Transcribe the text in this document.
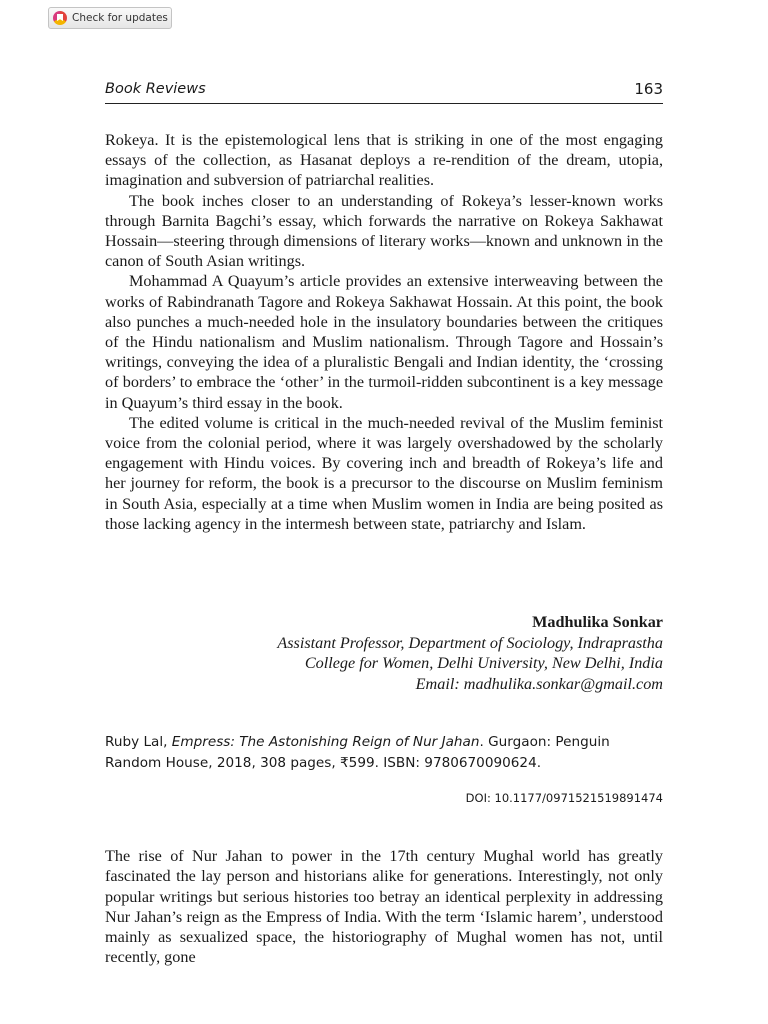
Check for updates
Book Reviews	163

Rokeya. It is the epistemological lens that is striking in one of the most engaging essays of the collection, as Hasanat deploys a re-rendition of the dream, utopia, imagination and subversion of patriarchal realities.

The book inches closer to an understanding of Rokeya’s lesser-known works through Barnita Bagchi’s essay, which forwards the narrative on Rokeya Sakhawat Hossain—steering through dimensions of literary works—known and unknown in the canon of South Asian writings.

Mohammad A Quayum’s article provides an extensive interweaving between the works of Rabindranath Tagore and Rokeya Sakhawat Hossain. At this point, the book also punches a much-needed hole in the insulatory boundaries between the critiques of the Hindu nationalism and Muslim nationalism. Through Tagore and Hossain’s writings, conveying the idea of a pluralistic Bengali and Indian identity, the ‘crossing of borders’ to embrace the ‘other’ in the turmoil-ridden subcontinent is a key message in Quayum’s third essay in the book.

The edited volume is critical in the much-needed revival of the Muslim feminist voice from the colonial period, where it was largely overshadowed by the scholarly engagement with Hindu voices. By covering inch and breadth of Rokeya’s life and her journey for reform, the book is a precursor to the discourse on Muslim feminism in South Asia, especially at a time when Muslim women in India are being posited as those lacking agency in the intermesh between state, patriarchy and Islam.

Madhulika Sonkar
Assistant Professor, Department of Sociology, Indraprastha
College for Women, Delhi University, New Delhi, India
Email: madhulika.sonkar@gmail.com
Ruby Lal, Empress: The Astonishing Reign of Nur Jahan. Gurgaon: Penguin Random House, 2018, 308 pages, ₹599. ISBN: 9780670090624.
DOI: 10.1177/0971521519891474

The rise of Nur Jahan to power in the 17th century Mughal world has greatly fascinated the lay person and historians alike for generations. Interestingly, not only popular writings but serious histories too betray an identical perplexity in addressing Nur Jahan’s reign as the Empress of India. With the term ‘Islamic harem’, understood mainly as sexualized space, the historiography of Mughal women has not, until recently, gone
